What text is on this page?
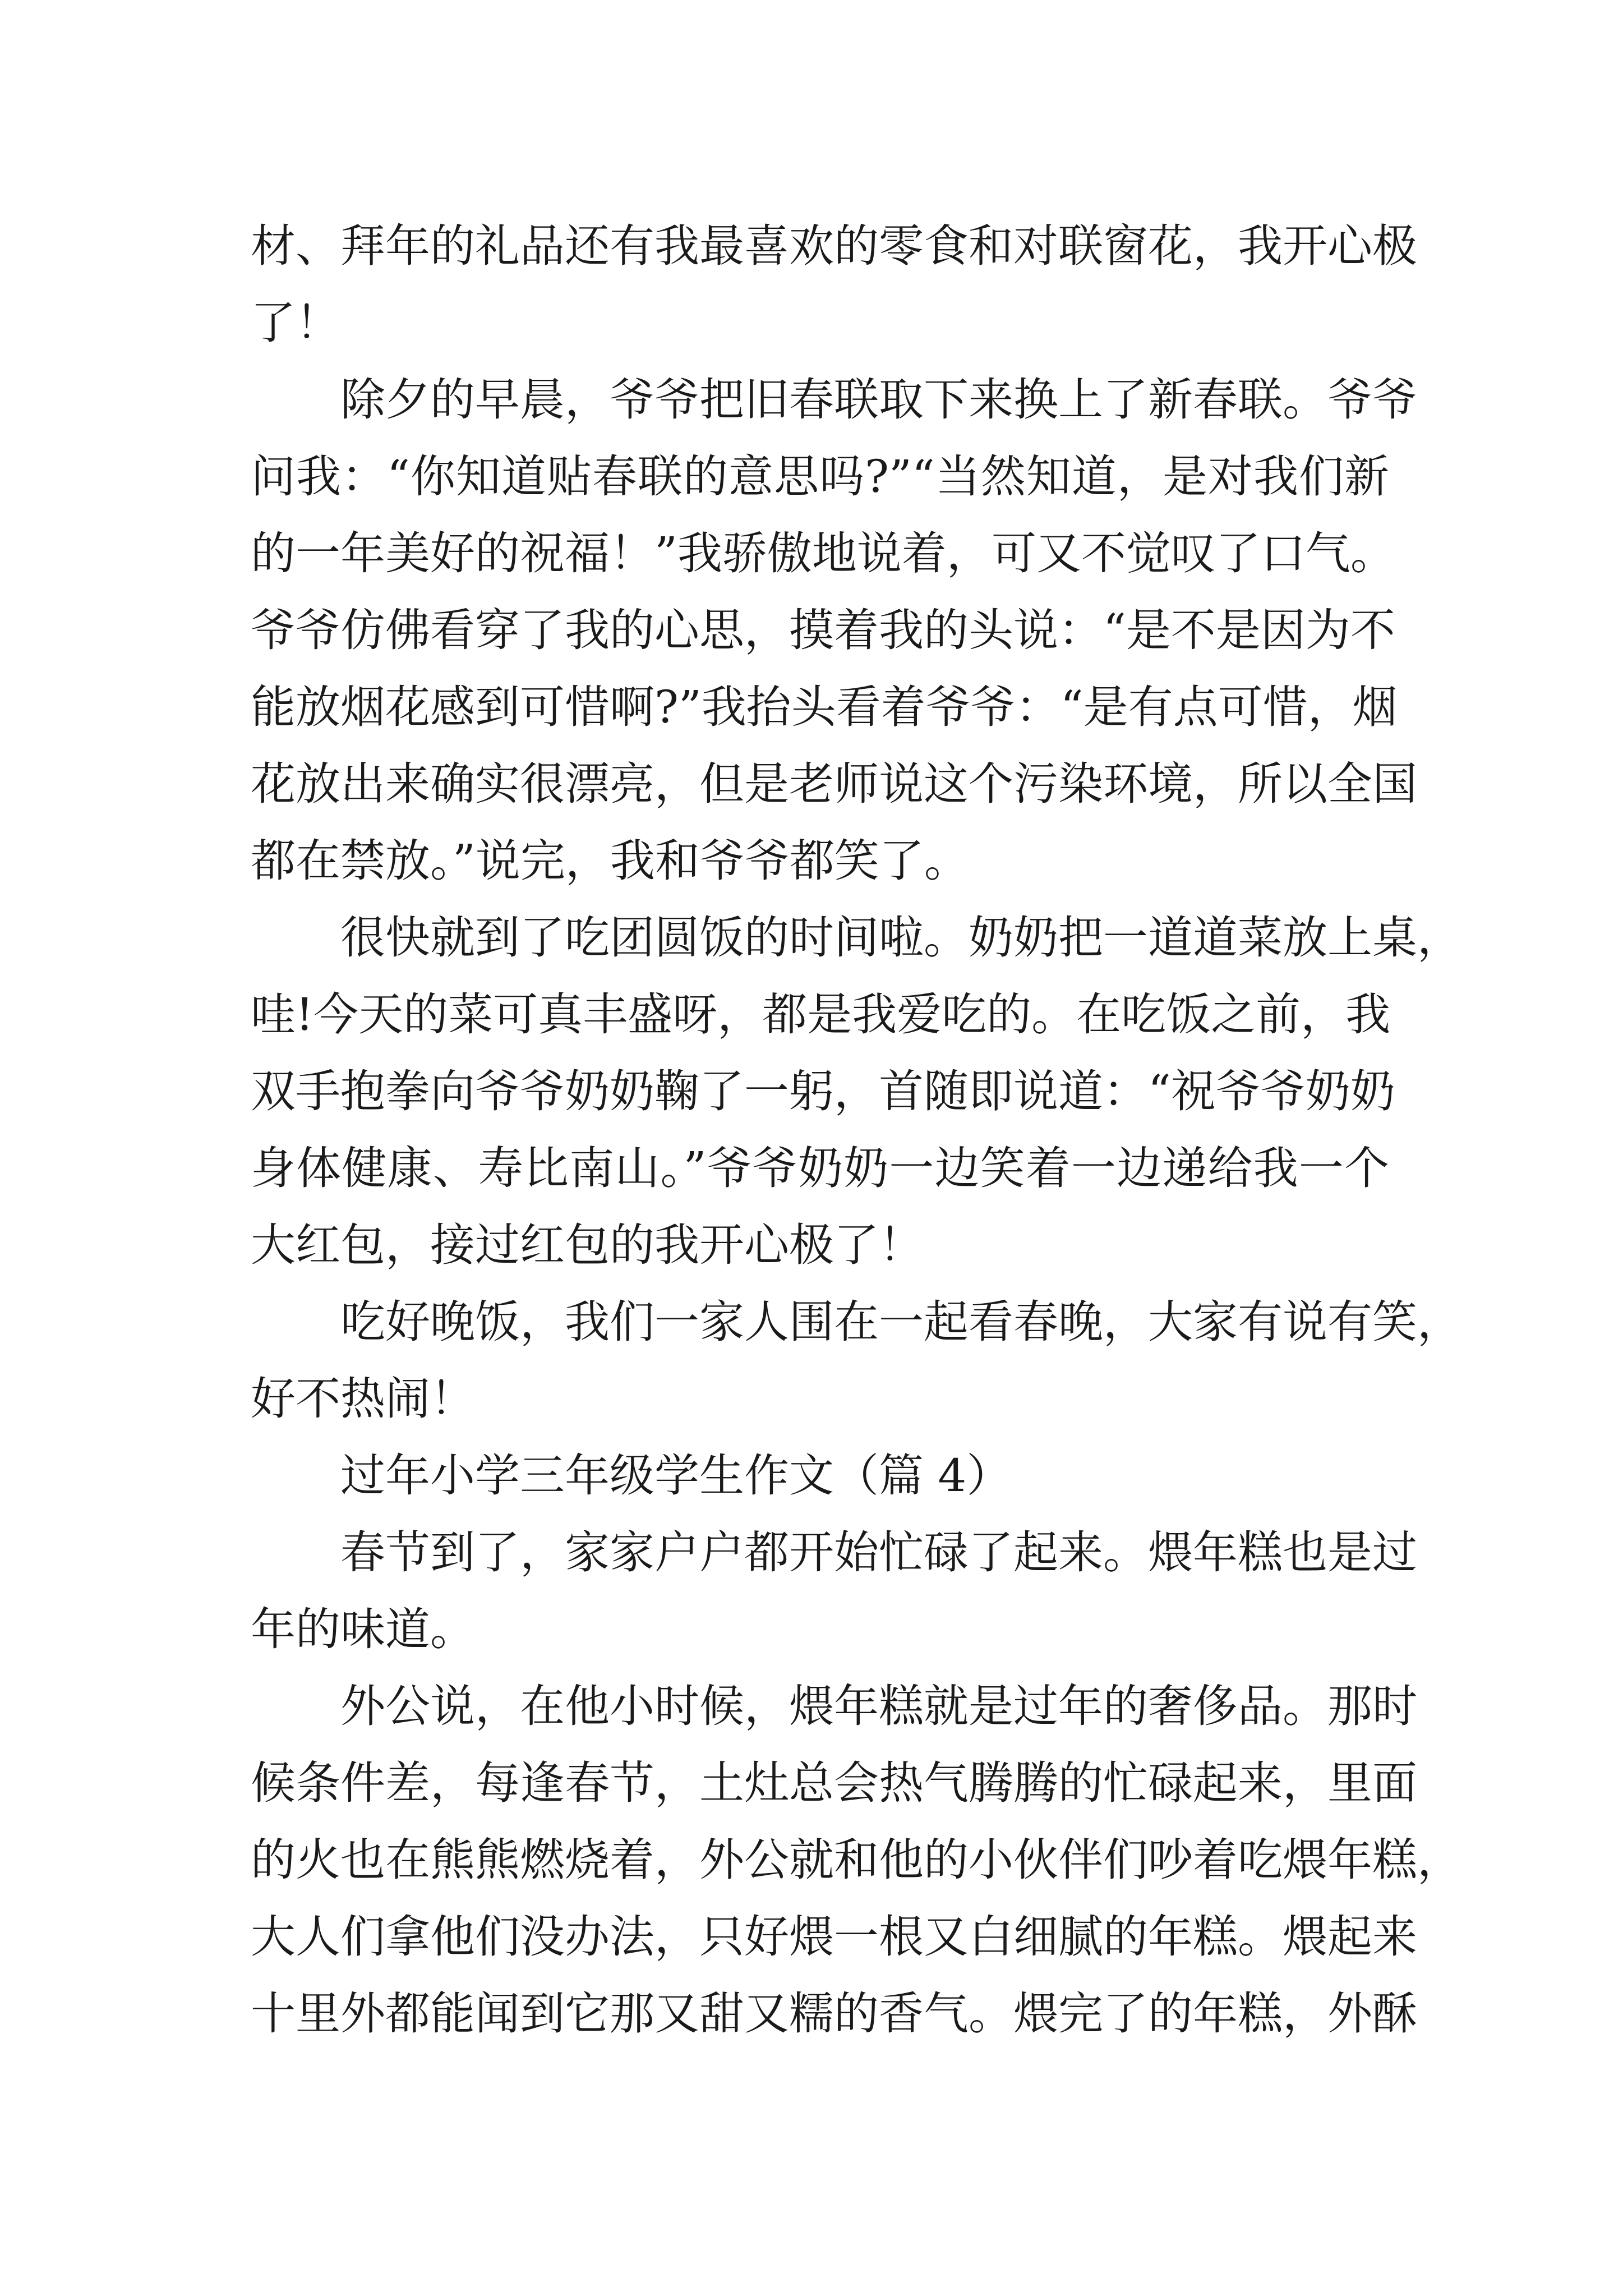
材、拜年的礼品还有我最喜欢的零食和对联窗花，我开心极
了！
除夕的早晨，爷爷把旧春联取下来换上了新春联。爷爷
问我：“你知道贴春联的意思吗?”“当然知道，是对我们新
的一年美好的祝福！”我骄傲地说着，可又不觉叹了口气。
爷爷仿佛看穿了我的心思，摸着我的头说：“是不是因为不
能放烟花感到可惜啊?”我抬头看着爷爷：“是有点可惜，烟
花放出来确实很漂亮，但是老师说这个污染环境，所以全国
都在禁放。”说完，我和爷爷都笑了。
很快就到了吃团圆饭的时间啦。奶奶把一道道菜放上桌，
哇!今天的菜可真丰盛呀，都是我爱吃的。在吃饭之前，我
双手抱拳向爷爷奶奶鞠了一躬，首随即说道：“祝爷爷奶奶
身体健康、寿比南山。”爷爷奶奶一边笑着一边递给我一个
大红包，接过红包的我开心极了！
吃好晚饭，我们一家人围在一起看春晚，大家有说有笑，
好不热闹！
过年小学三年级学生作文（篇 4）
春节到了，家家户户都开始忙碌了起来。煨年糕也是过
年的味道。
外公说，在他小时候，煨年糕就是过年的奢侈品。那时
候条件差，每逢春节，土灶总会热气腾腾的忙碌起来，里面
的火也在熊熊燃烧着，外公就和他的小伙伴们吵着吃煨年糕，
大人们拿他们没办法，只好煨一根又白细腻的年糕。煨起来
十里外都能闻到它那又甜又糯的香气。煨完了的年糕，外酥
